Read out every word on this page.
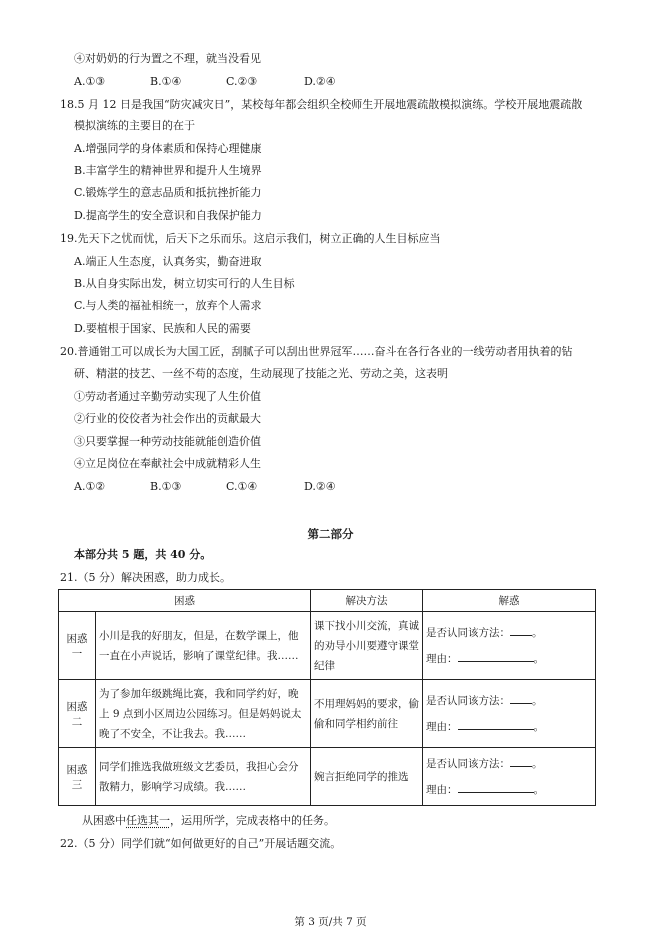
④对奶奶的行为置之不理，就当没看见
A.①③	B.①④	C.②③	D.②④
18.5 月 12 日是我国“防灾减灾日”，某校每年都会组织全校师生开展地震疏散模拟演练。学校开展地震疏散
模拟演练的主要目的在于
A.增强同学的身体素质和保持心理健康
B.丰富学生的精神世界和提升人生境界
C.锻炼学生的意志品质和抵抗挫折能力
D.提高学生的安全意识和自我保护能力
19.先天下之忧而忧，后天下之乐而乐。这启示我们，树立正确的人生目标应当
A.端正人生态度，认真务实，勤奋进取
B.从自身实际出发，树立切实可行的人生目标
C.与人类的福祉相统一，放弃个人需求
D.要植根于国家、民族和人民的需要
20.普通钳工可以成长为大国工匠，刮腻子可以刮出世界冠军……奋斗在各行各业的一线劳动者用执着的钻
研、精湛的技艺、一丝不苟的态度，生动展现了技能之光、劳动之美，这表明
①劳动者通过辛勤劳动实现了人生价值
②行业的佼佼者为社会作出的贡献最大
③只要掌握一种劳动技能就能创造价值
④立足岗位在奉献社会中成就精彩人生
A.①②	B.①③	C.①④	D.②④
第二部分
本部分共 5 题，共 40 分。
21.（5 分）解决困惑，助力成长。
困惑		解决方法	解惑
困惑一	小川是我的好朋友，但是，在数学课上，他一直在小声说话，影响了课堂纪律。我……	课下找小川交流，真诚的劝导小川要遵守课堂纪律	是否认同该方法： 。
理由： 。

困惑二	为了参加年级跳绳比赛，我和同学约好，晚上 9 点到小区周边公园练习。但是妈妈说太晚了不安全，不让我去。我……	不用理妈妈的要求，偷偷和同学相约前往	是否认同该方法： 。
理由： 。

困惑三	同学们推选我做班级文艺委员，我担心会分散精力，影响学习成绩。我……	婉言拒绝同学的推选	是否认同该方法： 。
理由： 。
从困惑中任选其一，运用所学，完成表格中的任务。
22.（5 分）同学们就“如何做更好的自己”开展话题交流。
第 3 页/共 7 页
